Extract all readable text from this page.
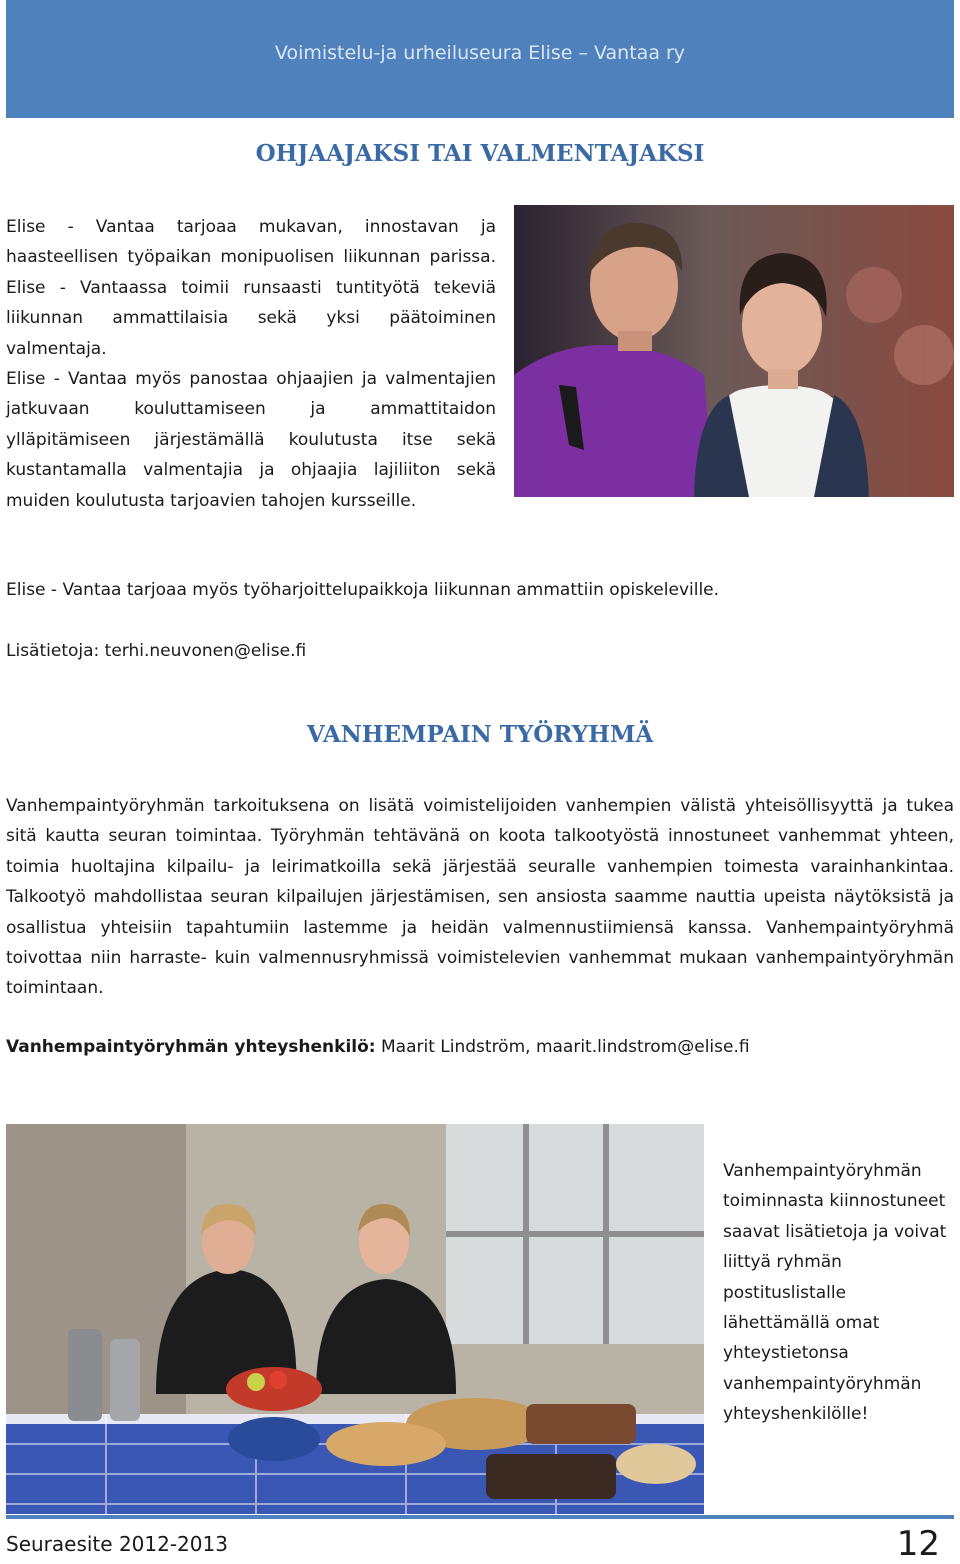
Voimistelu-ja urheiluseura Elise – Vantaa ry
OHJAAJAKSI TAI VALMENTAJAKSI

Elise - Vantaa tarjoaa mukavan, innostavan ja haasteellisen työpaikan monipuolisen liikunnan parissa. Elise - Vantaassa toimii runsaasti tuntityötä tekeviä liikunnan ammattilaisia sekä yksi päätoiminen valmentaja.

Elise - Vantaa myös panostaa ohjaajien ja valmentajien jatkuvaan kouluttamiseen ja ammattitaidon ylläpitämiseen järjestämällä koulutusta itse sekä kustantamalla valmentajia ja ohjaajia lajiliiton sekä muiden koulutusta tarjoavien tahojen kursseille.

Elise - Vantaa tarjoaa myös työharjoittelupaikkoja liikunnan ammattiin opiskeleville.
Lisätietoja: terhi.neuvonen@elise.fi
VANHEMPAIN TYÖRYHMÄ

Vanhempaintyöryhmän tarkoituksena on lisätä voimistelijoiden vanhempien välistä yhteisöllisyyttä ja tukea sitä kautta seuran toimintaa. Työryhmän tehtävänä on koota talkootyöstä innostuneet vanhemmat yhteen, toimia huoltajina kilpailu- ja leirimatkoilla sekä järjestää seuralle vanhempien toimesta varainhankintaa. Talkootyö mahdollistaa seuran kilpailujen järjestämisen, sen ansiosta saamme nauttia upeista näytöksistä ja osallistua yhteisiin tapahtumiin lastemme ja heidän valmennustiimiensä kanssa. Vanhempaintyöryhmä toivottaa niin harraste- kuin valmennusryhmissä voimistelevien vanhemmat mukaan vanhempaintyöryhmän toimintaan.

Vanhempaintyöryhmän yhteyshenkilö: Maarit Lindström, maarit.lindstrom@elise.fi

Vanhempaintyöryhmän toiminnasta kiinnostuneet saavat lisätietoja ja voivat liittyä ryhmän postituslistalle lähettämällä omat yhteystietonsa vanhempaintyöryhmän yhteyshenkilölle!

Seuraesite 2012-2013	12
